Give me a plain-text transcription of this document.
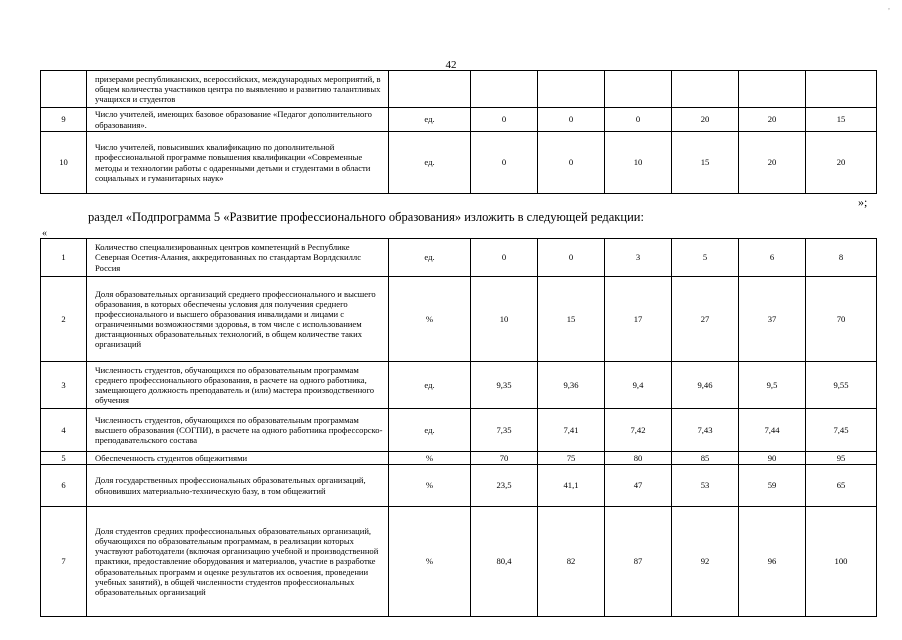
42
,
	призерами республиканских, всероссийских, международных мероприятий, в общем количества участников центра по выявлению и развитию талантливых учащихся и студентов							
9	Число учителей, имеющих базовое образование «Педагог дополнительного образования».	ед.	0	0	0	20	20	15
10	Число учителей, повысивших квалификацию по дополнительной профессиональной программе повышения квалификации «Современные методы и технологии работы с одаренными детьми и студентами в области социальных и гуманитарных наук»	ед.	0	0	10	15	20	20
»;
раздел «Подпрограмма 5 «Развитие профессионального образования» изложить в следующей редакции:
«
1	Количество специализированных центров компетенций в Республике Северная Осетия-Алания, аккредитованных по стандартам Ворлдскиллс Россия	ед.	0	0	3	5	6	8
2	Доля образовательных организаций среднего профессионального и высшего образования, в которых обеспечены условия для получения среднего профессионального и высшего образования инвалидами и лицами с ограниченными возможностями здоровья, в том числе с использованием дистанционных образовательных технологий, в общем количестве таких организаций	%	10	15	17	27	37	70
3	Численность студентов, обучающихся по образовательным программам среднего профессионального образования, в расчете на одного работника, замещающего должность преподаватель и (или) мастера производственного обучения	ед.	9,35	9,36	9,4	9,46	9,5	9,55
4	Численность студентов, обучающихся по образовательным программам высшего образования (СОГПИ), в расчете на одного работника профессорско-преподавательского состава	ед.	7,35	7,41	7,42	7,43	7,44	7,45
5	Обеспеченность студентов общежитиями	%	70	75	80	85	90	95
6	Доля государственных профессиональных образовательных организаций, обновивших материально-техническую базу, в том общежитий	%	23,5	41,1	47	53	59	65
7	Доля студентов средних профессиональных образовательных организаций, обучающихся по образовательным программам, в реализации которых участвуют работодатели (включая организацию учебной и производственной практики, предоставление оборудования и материалов, участие в разработке образовательных программ и оценке результатов их освоения, проведении учебных занятий), в общей численности студентов профессиональных образовательных организаций	%	80,4	82	87	92	96	100
